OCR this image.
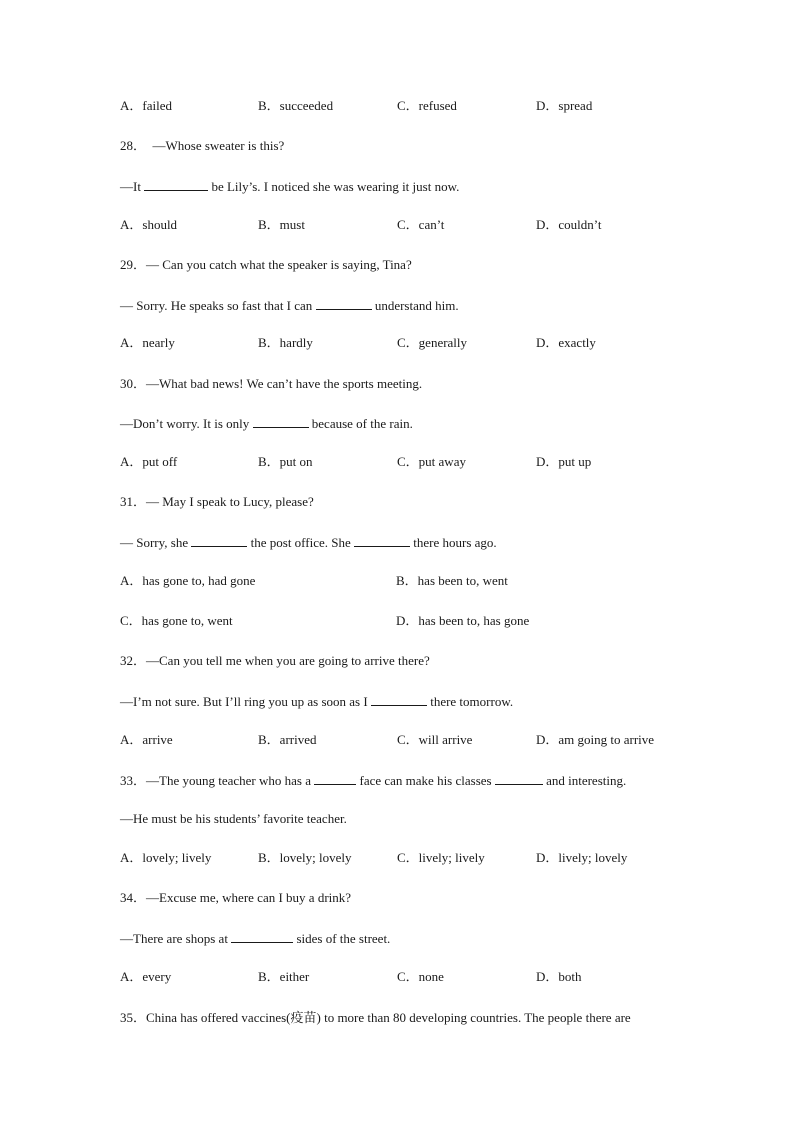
A．failed	B．succeeded	C．refused	D．spread
28．　—Whose sweater is this?
—It	be Lily’s. I noticed she was wearing it just now.
A．should	B．must	C．can’t	D．couldn’t
29．— Can you catch what the speaker is saying, Tina?
— Sorry. He speaks so fast that I can	understand him.
A．nearly	B．hardly	C．generally	D．exactly
30．—What bad news! We can’t have the sports meeting.
—Don’t worry. It is only	because of the rain.
A．put off	B．put on	C．put away	D．put up
31．— May I speak to Lucy, please?
— Sorry, she	the post office. She	there hours ago.
A．has gone to, had gone	B．has been to, went
C．has gone to, went	D．has been to, has gone
32．—Can you tell me when you are going to arrive there?
—I’m not sure. But I’ll ring you up as soon as I	there tomorrow.
A．arrive	B．arrived	C．will arrive	D．am going to arrive
33．—The young teacher who has a	face can make his classes	and interesting.
—He must be his students’ favorite teacher.
A．lovely; lively	B．lovely; lovely	C．lively; lively	D．lively; lovely
34．—Excuse me, where can I buy a drink?
—There are shops at	sides of the street.
A．every	B．either	C．none	D．both
35．China has offered vaccines(疫苗) to more than 80 developing countries. The people there are
